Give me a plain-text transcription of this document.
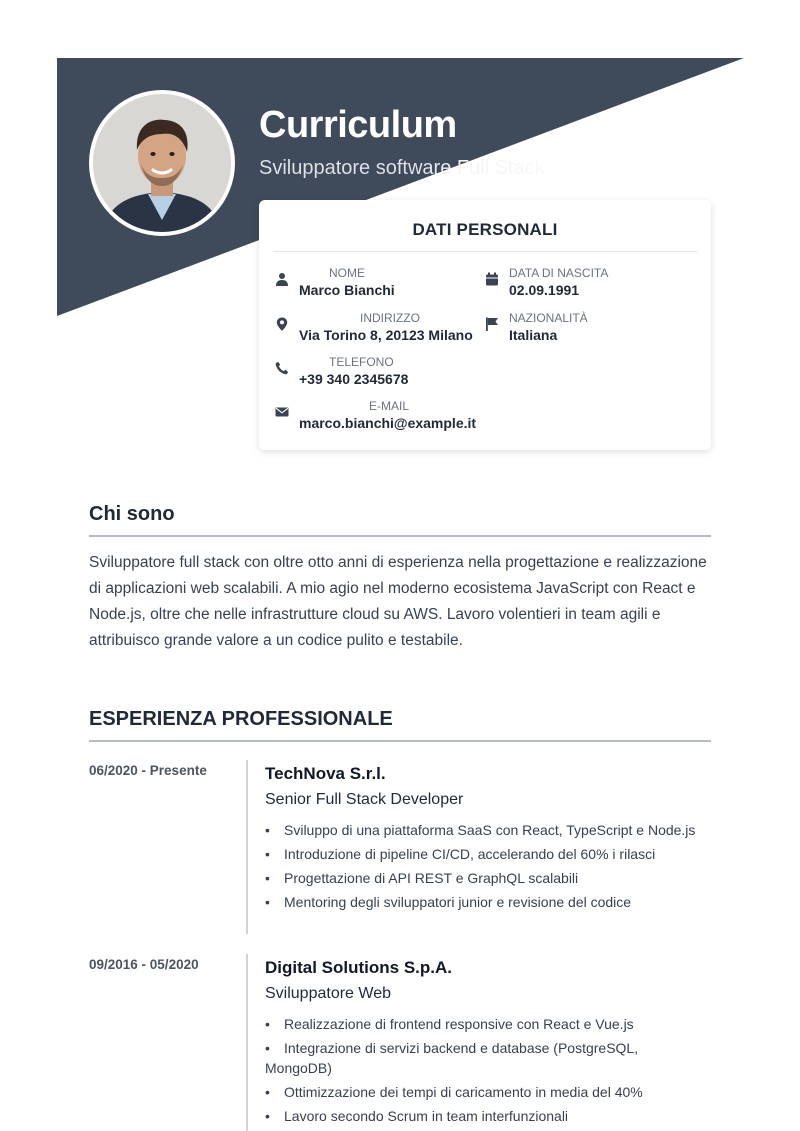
Curriculum
Sviluppatore software Full Stack
DATI PERSONALI
NOME
Marco Bianchi
DATA DI NASCITA
02.09.1991
INDIRIZZO
Via Torino 8, 20123 Milano
NAZIONALITÀ
Italiana
TELEFONO
+39 340 2345678
E-MAIL
marco.bianchi@example.it
Chi sono
Sviluppatore full stack con oltre otto anni di esperienza nella progettazione e realizzazione di applicazioni web scalabili. A mio agio nel moderno ecosistema JavaScript con React e Node.js, oltre che nelle infrastrutture cloud su AWS. Lavoro volentieri in team agili e attribuisco grande valore a un codice pulito e testabile.
ESPERIENZA PROFESSIONALE
06/2020 - Presente	TechNova S.r.l.
Senior Full Stack Developer
• Sviluppo di una piattaforma SaaS con React, TypeScript e Node.js
• Introduzione di pipeline CI/CD, accelerando del 60% i rilasci
• Progettazione di API REST e GraphQL scalabili
• Mentoring degli sviluppatori junior e revisione del codice
09/2016 - 05/2020	Digital Solutions S.p.A.
Sviluppatore Web
• Realizzazione di frontend responsive con React e Vue.js
• Integrazione di servizi backend e database (PostgreSQL, MongoDB)
• Ottimizzazione dei tempi di caricamento in media del 40%
• Lavoro secondo Scrum in team interfunzionali
